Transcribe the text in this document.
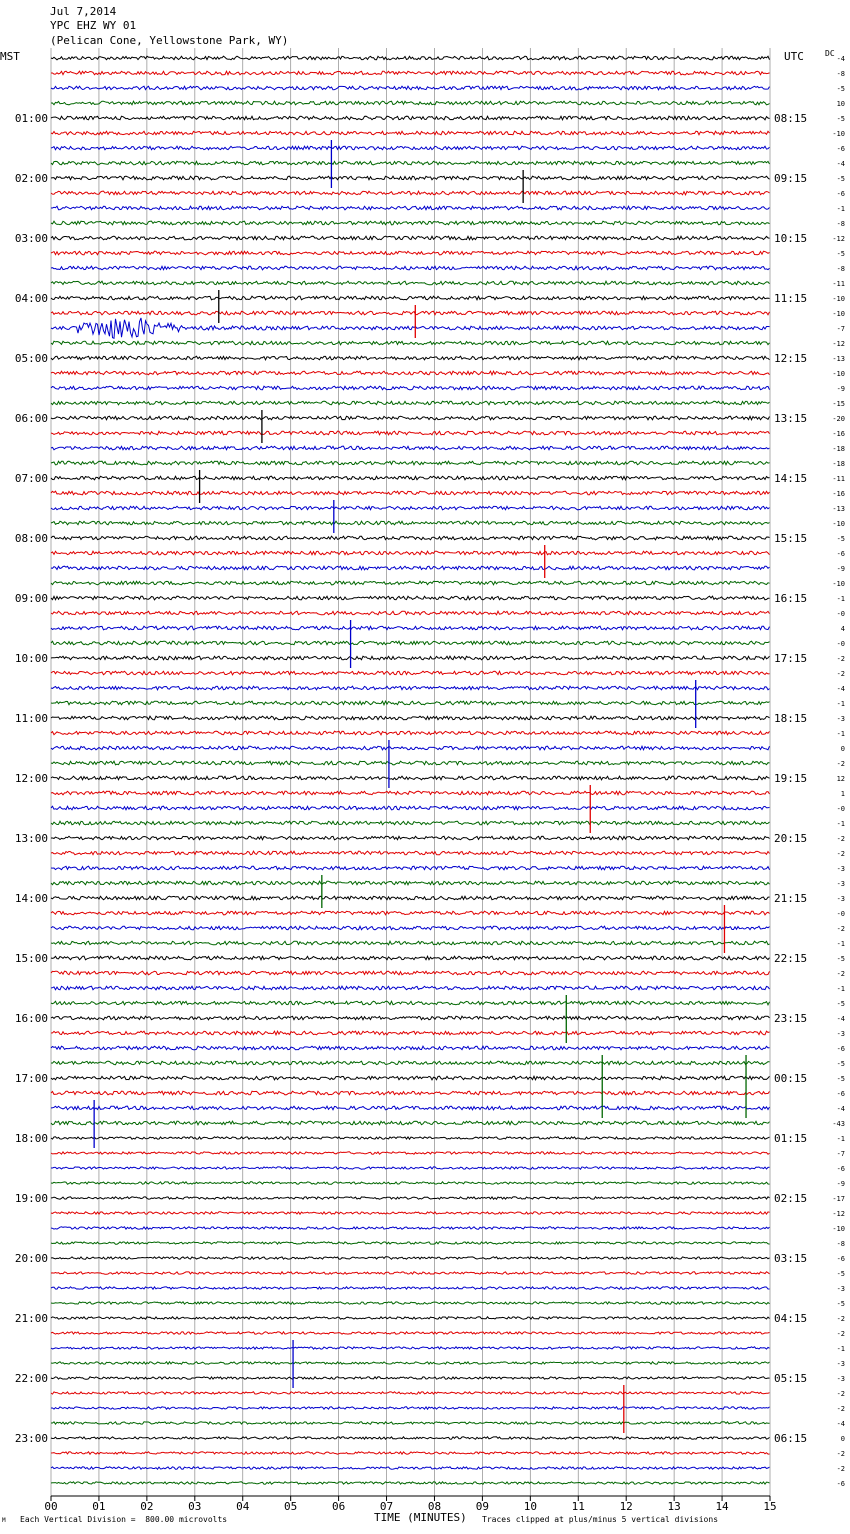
Jul 7,2014
YPC EHZ WY 01
(Pelican Cone, Yellowstone Park, WY)
MST	UTC	DC
01:00
02:00
03:00
04:00
05:00
06:00
07:00
08:00
09:00
10:00
11:00
12:00
13:00
14:00
15:00
16:00
17:00
18:00
19:00
20:00
21:00
22:00
23:00
08:15
09:15
10:15
11:15
12:15
13:15
14:15
15:15
16:15
17:15
18:15
19:15
20:15
21:15
22:15
23:15
00:15
01:15
02:15
03:15
04:15
05:15
06:15
-4
-8
-5
10
-5
-10
-6
-4
-5
-6
-1
-8
-12
-5
-8
-11
-10
-10
-7
-12
-13
-10
-9
-15
-20
-16
-18
-18
-11
-16
-13
-10
-5
-6
-9
-10
-1
-0
4
-0
-2
-2
-4
-1
-3
-1
0
-2
12
1
-0
-1
-2
-2
-3
-3
-3
-0
-2
-1
-5
-2
-1
-5
-4
-3
-6
-5
-5
-6
-4
-43
-1
-7
-6
-9
-17
-12
-10
-8
-6
-5
-3
-5
-2
-2
-1
-3
-3
-2
-2
-4
0
-2
-2
-6
00	01	02	03	04	05	06	07	08	09	10	11	12	13	14	15
TIME (MINUTES)
Each Vertical Division =  800.00 microvolts	Traces clipped at plus/minus 5 vertical divisions
M
